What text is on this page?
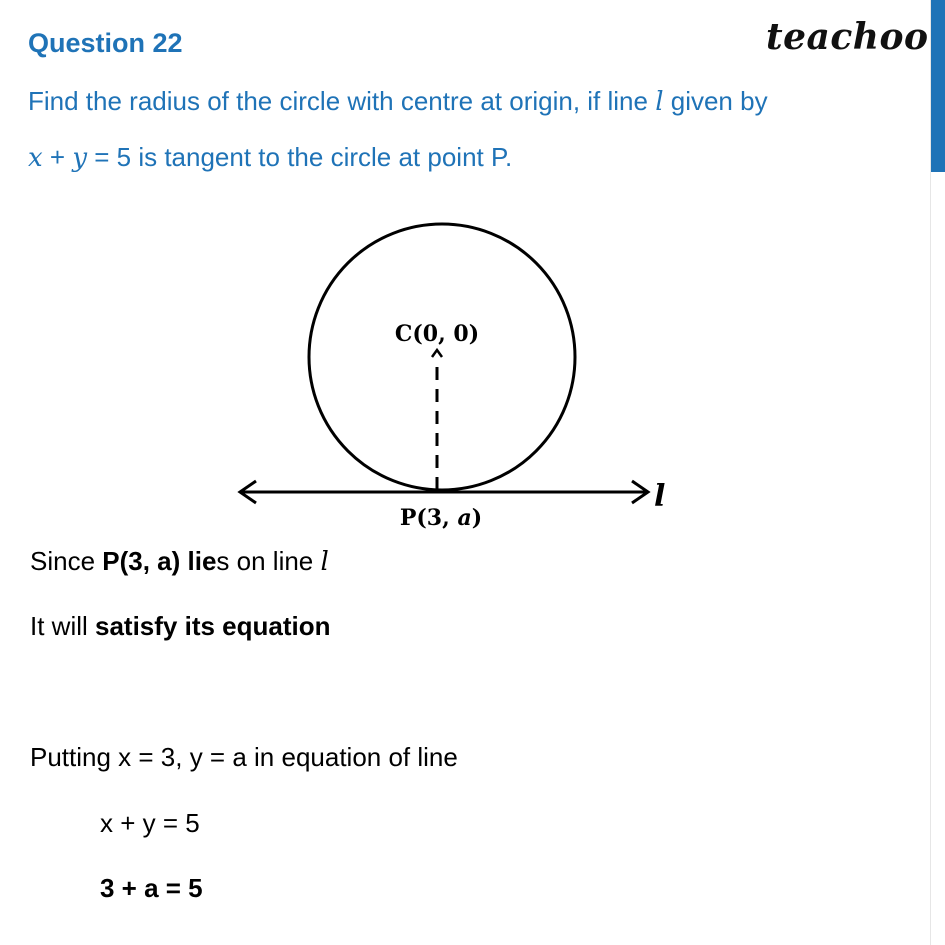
Question 22	teachoo
Find the radius of the circle with centre at origin, if line l given by
x + y = 5 is tangent to the circle at point P.
C(0, 0)
P(3, a)
l
Since P(3, a) lies on line l
It will satisfy its equation
Putting x = 3, y = a in equation of line
x + y = 5
3 + a = 5
